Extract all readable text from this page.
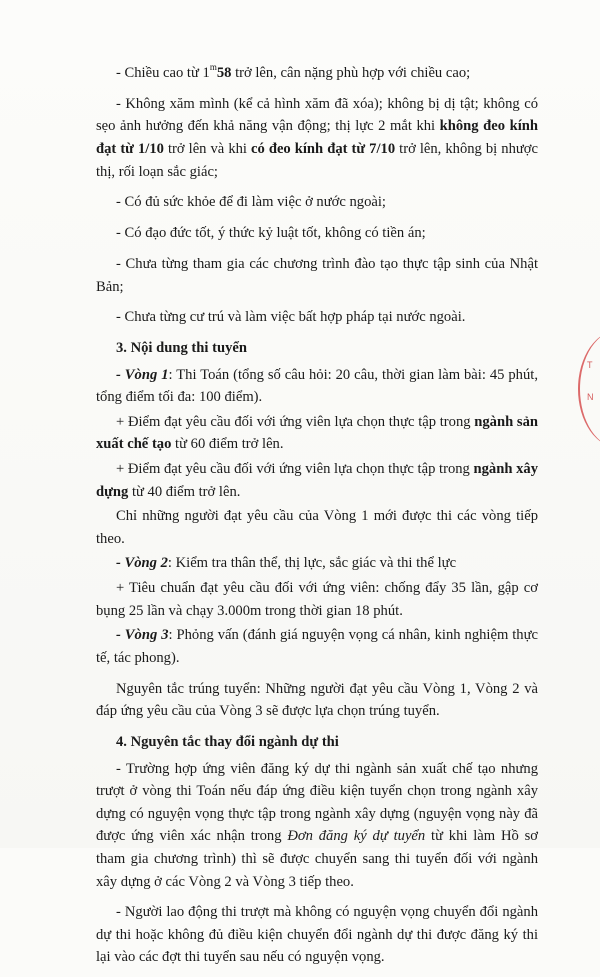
- Chiều cao từ 1$^m$58 trở lên, cân nặng phù hợp với chiều cao;

- Không xăm mình (kể cả hình xăm đã xóa); không bị dị tật; không có sẹo ảnh hưởng đến khả năng vận động; thị lực 2 mắt khi không đeo kính đạt từ 1/10 trở lên và khi có đeo kính đạt từ 7/10 trở lên, không bị nhược thị, rối loạn sắc giác;

- Có đủ sức khỏe để đi làm việc ở nước ngoài;

- Có đạo đức tốt, ý thức kỷ luật tốt, không có tiền án;

- Chưa từng tham gia các chương trình đào tạo thực tập sinh của Nhật Bản;

- Chưa từng cư trú và làm việc bất hợp pháp tại nước ngoài.

3. Nội dung thi tuyển

- Vòng 1: Thi Toán (tổng số câu hỏi: 20 câu, thời gian làm bài: 45 phút, tổng điểm tối đa: 100 điểm).

+ Điểm đạt yêu cầu đối với ứng viên lựa chọn thực tập trong ngành sản xuất chế tạo từ 60 điểm trở lên.

+ Điểm đạt yêu cầu đối với ứng viên lựa chọn thực tập trong ngành xây dựng từ 40 điểm trở lên.

Chỉ những người đạt yêu cầu của Vòng 1 mới được thi các vòng tiếp theo.

- Vòng 2: Kiểm tra thân thể, thị lực, sắc giác và thi thể lực

+ Tiêu chuẩn đạt yêu cầu đối với ứng viên: chống đẩy 35 lần, gập cơ bụng 25 lần và chạy 3.000m trong thời gian 18 phút.

- Vòng 3: Phỏng vấn (đánh giá nguyện vọng cá nhân, kinh nghiệm thực tế, tác phong).

Nguyên tắc trúng tuyển: Những người đạt yêu cầu Vòng 1, Vòng 2 và đáp ứng yêu cầu của Vòng 3 sẽ được lựa chọn trúng tuyển.

4. Nguyên tắc thay đổi ngành dự thi

- Trường hợp ứng viên đăng ký dự thi ngành sản xuất chế tạo nhưng trượt ở vòng thi Toán nếu đáp ứng điều kiện tuyển chọn trong ngành xây dựng có nguyện vọng thực tập trong ngành xây dựng (nguyện vọng này đã được ứng viên xác nhận trong Đơn đăng ký dự tuyển từ khi làm Hồ sơ tham gia chương trình) thì sẽ được chuyển sang thi tuyển đối với ngành xây dựng ở các Vòng 2 và Vòng 3 tiếp theo.

- Người lao động thi trượt mà không có nguyện vọng chuyển đổi ngành dự thi hoặc không đủ điều kiện chuyển đổi ngành dự thi được đăng ký thi lại vào các đợt thi tuyển sau nếu có nguyện vọng.

T
N
